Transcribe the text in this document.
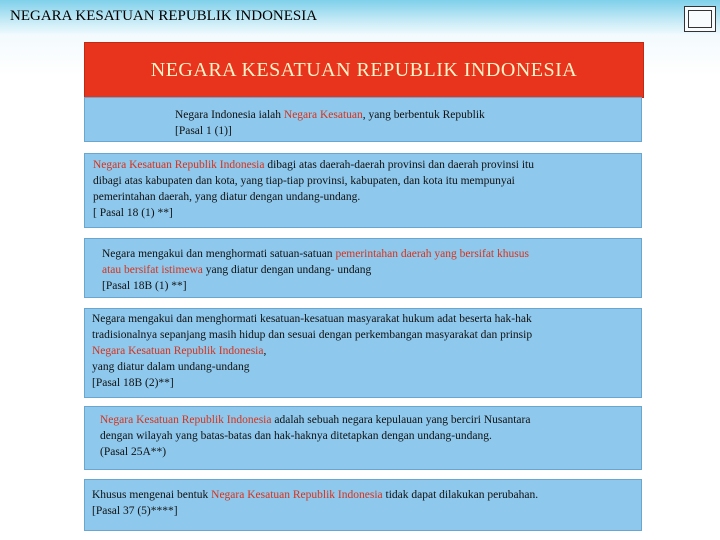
NEGARA KESATUAN REPUBLIK INDONESIA
NEGARA KESATUAN REPUBLIK INDONESIA
Negara Indonesia ialah Negara Kesatuan, yang berbentuk Republik
[Pasal 1 (1)]
Negara Kesatuan Republik Indonesia dibagi atas daerah-daerah provinsi dan daerah provinsi itu
dibagi atas kabupaten dan kota, yang tiap-tiap provinsi, kabupaten, dan kota itu mempunyai
pemerintahan daerah, yang diatur dengan undang-undang.
[ Pasal 18 (1) **]
Negara mengakui dan menghormati satuan-satuan pemerintahan daerah yang bersifat khusus
atau bersifat istimewa yang diatur dengan undang- undang
[Pasal 18B (1) **]
Negara mengakui dan menghormati kesatuan-kesatuan masyarakat hukum adat beserta hak-hak
tradisionalnya sepanjang masih hidup dan sesuai dengan perkembangan masyarakat dan prinsip
Negara Kesatuan Republik Indonesia,
yang diatur dalam undang-undang
[Pasal 18B (2)**]
Negara Kesatuan Republik Indonesia adalah sebuah negara kepulauan yang berciri Nusantara
dengan wilayah yang batas-batas dan hak-haknya ditetapkan dengan undang-undang.
(Pasal 25A**)
Khusus mengenai bentuk Negara Kesatuan Republik Indonesia tidak dapat dilakukan perubahan.
[Pasal 37 (5)****]
